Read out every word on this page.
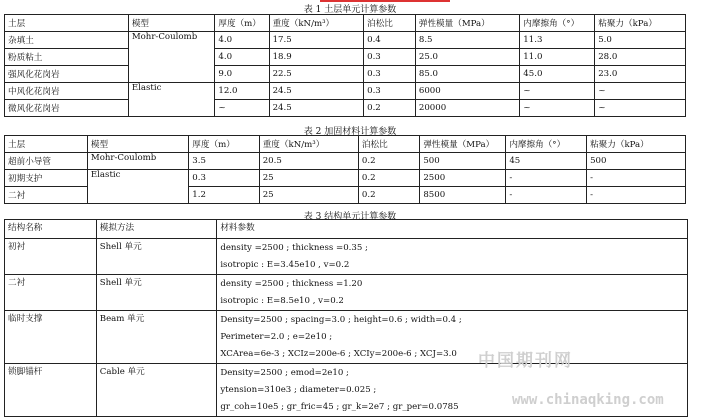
表 1 土层单元计算参数
土层	模型	厚度（m）	重度（kN/m³）	泊松比	弹性模量（MPa）	内摩擦角（°）	粘聚力（kPa）
杂填土	Mohr-Coulomb	4.0	17.5	0.4	8.5	11.3	5.0
粉质粘土		4.0	18.9	0.3	25.0	11.0	28.0
强风化花岗岩		9.0	22.5	0.3	85.0	45.0	23.0
中风化花岗岩	Elastic	12.0	24.5	0.3	6000	~	~
微风化花岗岩		~	24.5	0.2	20000	~	~
表 2 加固材料计算参数
土层	模型	厚度（m）	重度（kN/m³）	泊松比	弹性模量（MPa）	内摩擦角（°）	粘聚力（kPa）
超前小导管	Mohr-Coulomb	3.5	20.5	0.2	500	45	500
初期支护	Elastic	0.3	25	0.2	2500	-	-
二衬		1.2	25	0.2	8500	-	-
表 3 结构单元计算参数
结构名称	模拟方法	材料参数
初衬	Shell 单元	density =2500 ; thickness =0.35 ;
isotropic : E=3.45e10 , v=0.2

二衬	Shell 单元	density =2500 ; thickness =1.20
isotropic : E=8.5e10 , v=0.2

临时支撑	Beam 单元	Density=2500 ; spacing=3.0 ; height=0.6 ; width=0.4 ;
Perimeter=2.0 ; e=2e10 ;
XCArea=6e-3 ; XCIz=200e-6 ; XCIy=200e-6 ; XCJ=3.0

锁脚锚杆	Cable 单元	Density=2500 ; emod=2e10 ;
ytension=310e3 ; diameter=0.025 ;
gr_coh=10e5 ; gr_fric=45 ; gr_k=2e7 ; gr_per=0.0785
中国期刊网
www.chinaqking.com
